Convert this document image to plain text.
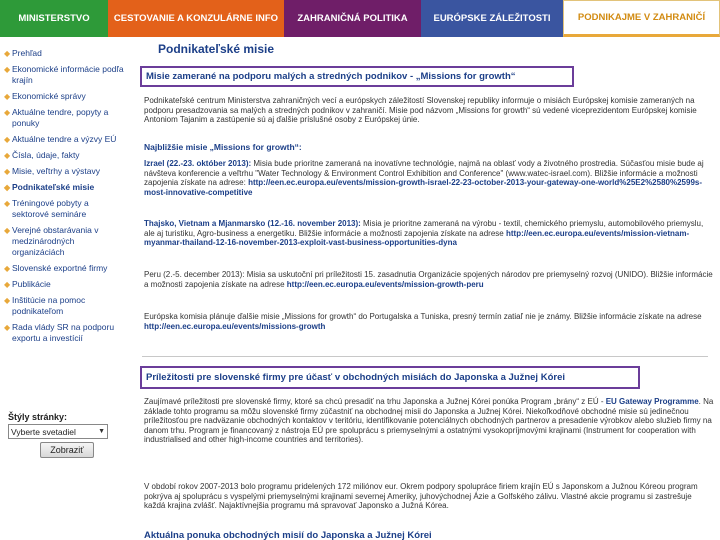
MINISTERSTVO	CESTOVANIE A KONZULÁRNE INFO	ZAHRANIČNÁ POLITIKA	EURÓPSKE ZÁLEŽITOSTI	PODNIKAJME V ZAHRANIČÍ
◆ Prehľad
◆ Ekonomické informácie podľa krajín
◆ Ekonomické správy
◆ Aktuálne tendre, popyty a ponuky
◆ Aktuálne tendre a výzvy EÚ
◆ Čísla, údaje, fakty
◆ Misie, veľtrhy a výstavy
◆ Podnikateľské misie
◆ Tréningové pobyty a sektorové semináre
◆ Verejné obstarávania v medzinárodných organizáciách
◆ Slovenské exportné firmy
◆ Publikácie
◆ Inštitúcie na pomoc podnikateľom
◆ Rada vlády SR na podporu exportu a investícií
Štýly stránky:
Vyberte svetadiel	▼
Zobraziť
Podnikateľské misie
Misie zamerané na podporu malých a stredných podnikov - „Missions for growth“
Podnikateľské centrum Ministerstva zahraničných vecí a európskych záležitostí Slovenskej republiky informuje o misiách Európskej komisie zameraných na podporu presadzovania sa malých a stredných podnikov v zahraničí. Misie pod názvom „Missions for growth“ sú vedené viceprezidentom Európskej komisie Antoniom Tajanim a zastúpenie sú aj ďalšie príslušné osoby z Európskej únie.
Najbližšie misie „Missions for growth“:
Izrael (22.-23. október 2013): Misia bude prioritne zameraná na inovatívne technológie, najmä na oblasť vody a životného prostredia. Súčasťou misie bude aj návšteva konferencie a veľtrhu "Water Technology & Environment Control Exhibition and Conference" (www.watec-israel.com). Bližšie informácie a možnosti zapojenia získate na adrese: http://een.ec.europa.eu/events/mission-growth-israel-22-23-october-2013-your-gateway-one-world%25E2%2580%2599s-most-innovative-competitive
Thajsko, Vietnam a Mjanmarsko (12.-16. november 2013): Misia je prioritne zameraná na výrobu - textil, chemického priemyslu, automobilového priemyslu, ale aj turistiku, Agro-business a energetiku. Bližšie informácie a možnosti zapojenia získate na adrese http://een.ec.europa.eu/events/mission-vietnam-myanmar-thailand-12-16-november-2013-exploit-vast-business-opportunities-dyna
Peru (2.-5. december 2013): Misia sa uskutoční pri príležitosti 15. zasadnutia Organizácie spojených národov pre priemyselný rozvoj (UNIDO). Bližšie informácie a možnosti zapojenia získate na adrese http://een.ec.europa.eu/events/mission-growth-peru
Európska komisia plánuje ďalšie misie „Missions for growth“ do Portugalska a Tuniska, presný termín zatiaľ nie je známy. Bližšie informácie získate na adrese http://een.ec.europa.eu/events/missions-growth
Príležitosti pre slovenské firmy pre účasť v obchodných misiách do Japonska a Južnej Kórei
Zaujímavé príležitosti pre slovenské firmy, ktoré sa chcú presadiť na trhu Japonska a Južnej Kórei ponúka Program „brány“ z EÚ - EU Gateway Programme. Na základe tohto programu sa môžu slovenské firmy zúčastniť na obchodnej misii do Japonska a Južnej Kórei. Niekoľkodňové obchodné misie sú jedinečnou príležitosťou pre nadväzanie obchodných kontaktov v teritóriu, identifikovanie potenciálnych obchodných partnerov a presadenie výrobkov alebo služieb firmy na danom trhu. Program je financovaný z nástroja EÚ pre spoluprácu s priemyselnými a ostatnými vysokopríjmovými krajinami (Instrument for cooperation with industrialised and other high-income countries and territories).
V období rokov 2007-2013 bolo programu pridelených 172 miliónov eur. Okrem podpory spolupráce firiem krajín EÚ s Japonskom a Južnou Kóreou program pokrýva aj spoluprácu s vyspelými priemyselnými krajinami severnej Ameriky, juhovýchodnej Ázie a Golfského zálivu. Vlastné akcie programu si zastrešuje každá krajina zvlášť. Najaktívnejšia programu má spravovať Japonsko a Južná Kórea.
Aktuálna ponuka obchodných misií do Japonska a Južnej Kórei
